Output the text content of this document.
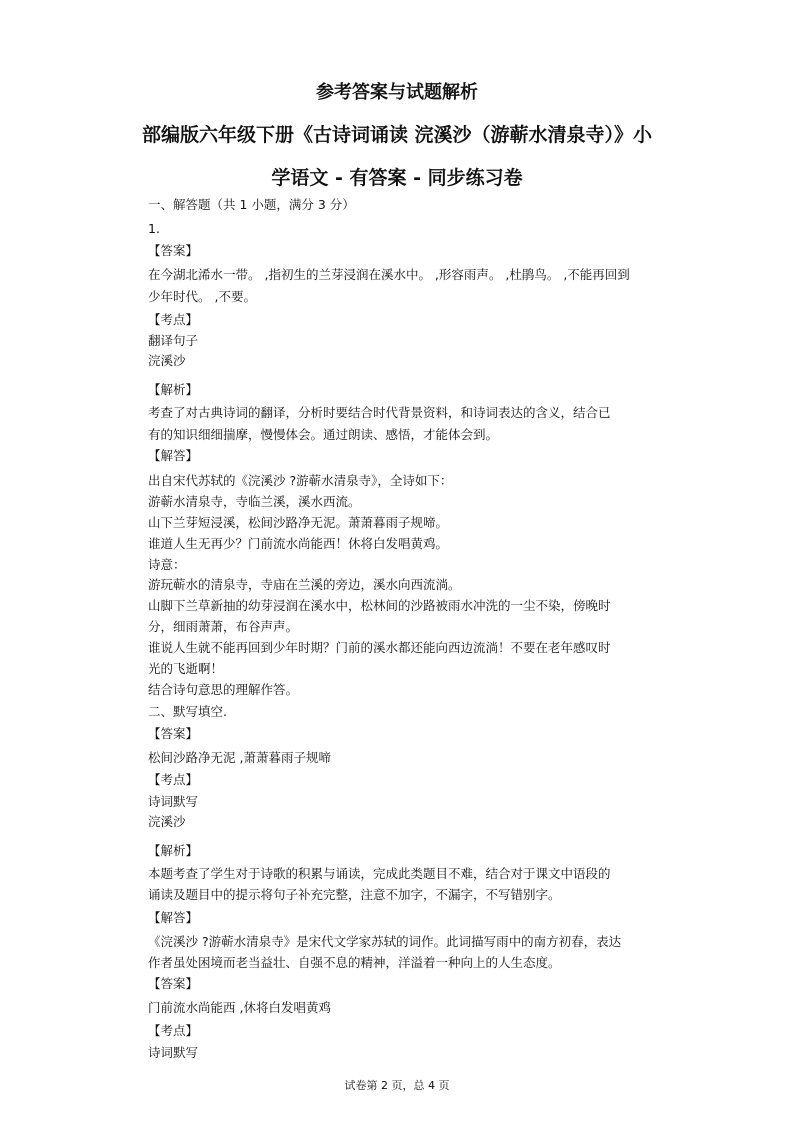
参考答案与试题解析
部编版六年级下册《古诗词诵读 浣溪沙（游蕲水清泉寺）》小
学语文 - 有答案 - 同步练习卷
一、解答题（共 1 小题，满分 3 分）
1.
【答案】
在今湖北浠水一带。 ,指初生的兰芽浸润在溪水中。 ,形容雨声。 ,杜鹃鸟。 ,不能再回到
少年时代。 ,不要。
【考点】
翻译句子
浣溪沙
【解析】
考查了对古典诗词的翻译，分析时要结合时代背景资料，和诗词表达的含义，结合已
有的知识细细揣摩，慢慢体会。通过朗读、感悟，才能体会到。
【解答】
出自宋代苏轼的《浣溪沙 ?游蕲水清泉寺》，全诗如下：
游蕲水清泉寺，寺临兰溪，溪水西流。
山下兰芽短浸溪，松间沙路净无泥。萧萧暮雨子规啼。
谁道人生无再少？门前流水尚能西！休将白发唱黄鸡。
诗意：
游玩蕲水的清泉寺，寺庙在兰溪的旁边，溪水向西流淌。
山脚下兰草新抽的幼芽浸润在溪水中，松林间的沙路被雨水冲洗的一尘不染，傍晚时
分，细雨萧萧，布谷声声。
谁说人生就不能再回到少年时期？门前的溪水都还能向西边流淌！不要在老年感叹时
光的飞逝啊！
结合诗句意思的理解作答。
二、默写填空.
【答案】
松间沙路净无泥 ,萧萧暮雨子规啼
【考点】
诗词默写
浣溪沙
【解析】
本题考查了学生对于诗歌的积累与诵读，完成此类题目不难，结合对于课文中语段的
诵读及题目中的提示将句子补充完整，注意不加字，不漏字，不写错别字。
【解答】
《浣溪沙 ?游蕲水清泉寺》是宋代文学家苏轼的词作。此词描写雨中的南方初春，表达
作者虽处困境而老当益壮、自强不息的精神，洋溢着一种向上的人生态度。
【答案】
门前流水尚能西 ,休将白发唱黄鸡
【考点】
诗词默写
试卷第 2 页，总 4 页
